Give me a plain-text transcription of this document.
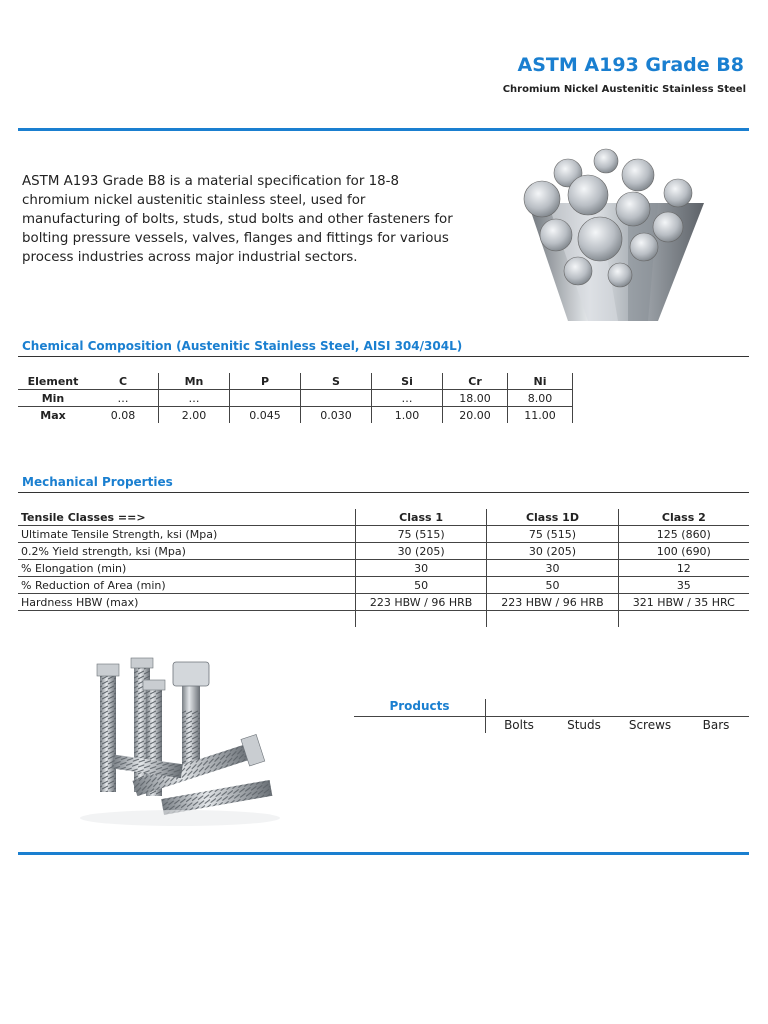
ASTM A193 Grade B8
Chromium Nickel Austenitic Stainless Steel
ASTM A193 Grade B8 is a material specification for 18-8 chromium nickel austenitic stainless steel, used for manufacturing of bolts, studs, stud bolts and other fasteners for bolting pressure vessels, valves, flanges and fittings for various process industries across major industrial sectors.
Chemical Composition (Austenitic Stainless Steel, AISI 304/304L)
Element	C	Mn	P	S	Si	Cr	Ni
Min	…	…			…	18.00	8.00
Max	0.08	2.00	0.045	0.030	1.00	20.00	11.00
Mechanical Properties
Tensile Classes ==>	Class 1	Class 1D	Class 2
Ultimate Tensile Strength, ksi (Mpa)	75 (515)	75 (515)	125 (860)
0.2% Yield strength, ksi (Mpa)	30 (205)	30 (205)	100 (690)
% Elongation (min)	30	30	12
% Reduction of Area (min)	50	50	35
Hardness HBW (max)	223 HBW / 96 HRB	223 HBW / 96 HRB	321 HBW / 35 HRC

Products
Bolts	Studs	Screws	Bars
